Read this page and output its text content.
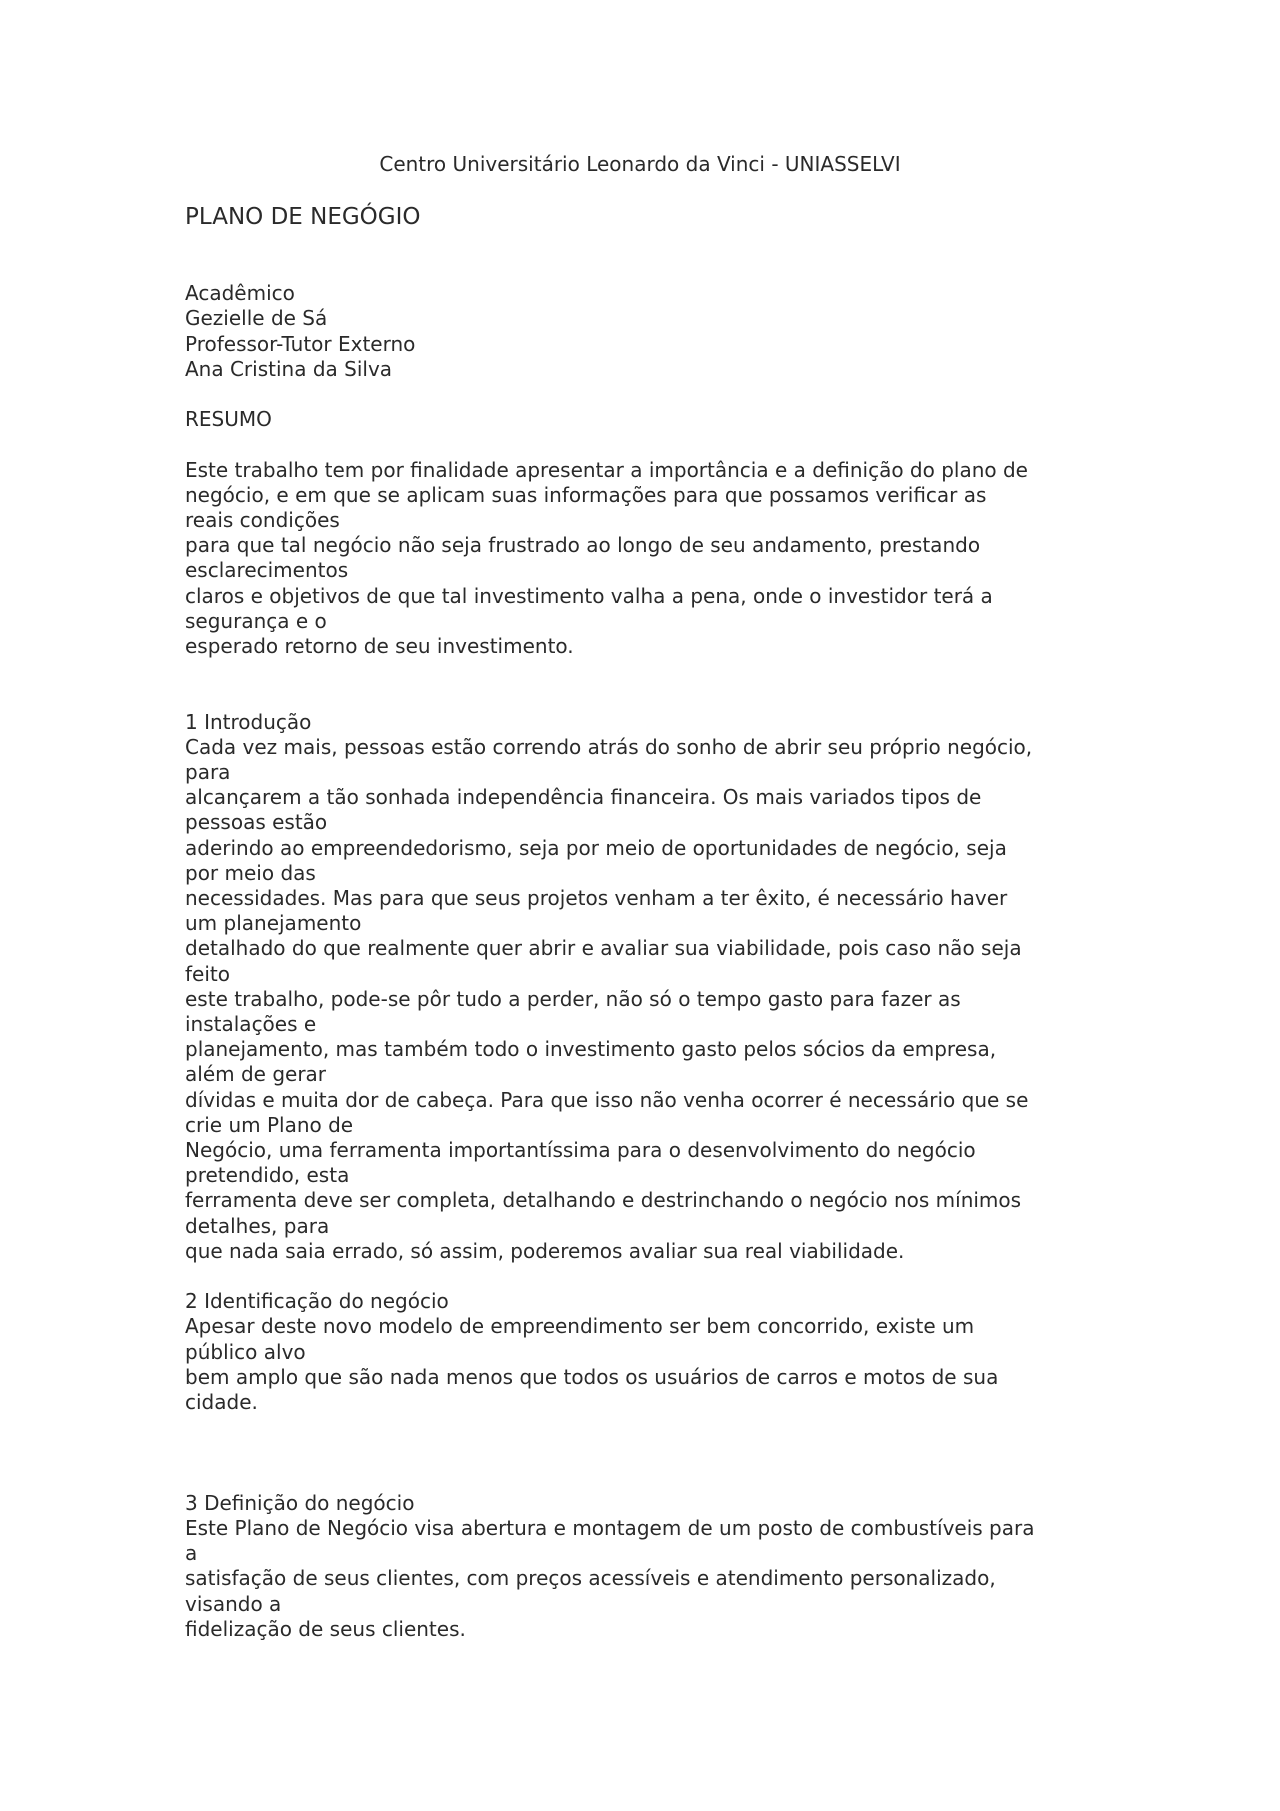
Centro Universitário Leonardo da Vinci - UNIASSELVI

PLANO DE NEGÓGIO

Acadêmico

Gezielle de Sá

Professor-Tutor Externo

Ana Cristina da Silva

RESUMO

Este trabalho tem por finalidade apresentar a importância e a definição do plano de

negócio, e em que se aplicam suas informações para que possamos verificar as

reais condições

para que tal negócio não seja frustrado ao longo de seu andamento, prestando

esclarecimentos

claros e objetivos de que tal investimento valha a pena, onde o investidor terá a

segurança e o

esperado retorno de seu investimento.

1 Introdução

Cada vez mais, pessoas estão correndo atrás do sonho de abrir seu próprio negócio,

para

alcançarem a tão sonhada independência financeira. Os mais variados tipos de

pessoas estão

aderindo ao empreendedorismo, seja por meio de oportunidades de negócio, seja

por meio das

necessidades. Mas para que seus projetos venham a ter êxito, é necessário haver

um planejamento

detalhado do que realmente quer abrir e avaliar sua viabilidade, pois caso não seja

feito

este trabalho, pode-se pôr tudo a perder, não só o tempo gasto para fazer as

instalações e

planejamento, mas também todo o investimento gasto pelos sócios da empresa,

além de gerar

dívidas e muita dor de cabeça. Para que isso não venha ocorrer é necessário que se

crie um Plano de

Negócio, uma ferramenta importantíssima para o desenvolvimento do negócio

pretendido, esta

ferramenta deve ser completa, detalhando e destrinchando o negócio nos mínimos

detalhes, para

que nada saia errado, só assim, poderemos avaliar sua real viabilidade.

2 Identificação do negócio

Apesar deste novo modelo de empreendimento ser bem concorrido, existe um

público alvo

bem amplo que são nada menos que todos os usuários de carros e motos de sua

cidade.

3 Definição do negócio

Este Plano de Negócio visa abertura e montagem de um posto de combustíveis para

a

satisfação de seus clientes, com preços acessíveis e atendimento personalizado,

visando a

fidelização de seus clientes.
